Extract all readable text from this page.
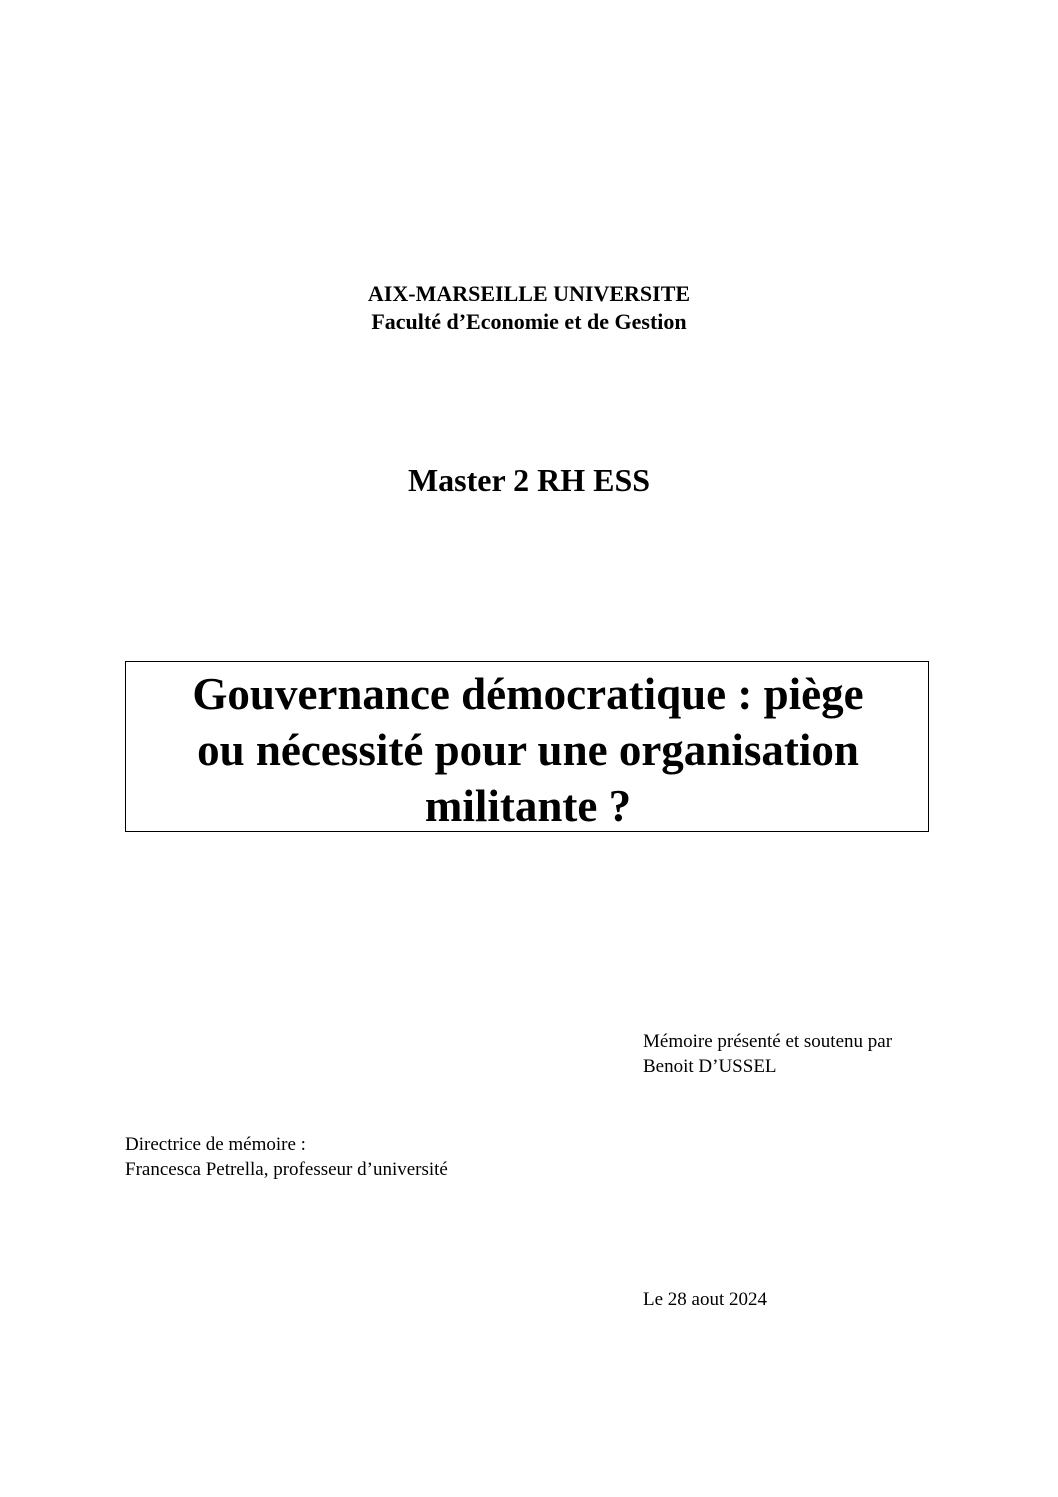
AIX-MARSEILLE UNIVERSITE
Faculté d’Economie et de Gestion
Master 2 RH ESS
Gouvernance démocratique : piège
ou nécessité pour une organisation
militante ?
Mémoire présenté et soutenu par
Benoit D’USSEL
Directrice de mémoire :
Francesca Petrella, professeur d’université
Le 28 aout 2024
